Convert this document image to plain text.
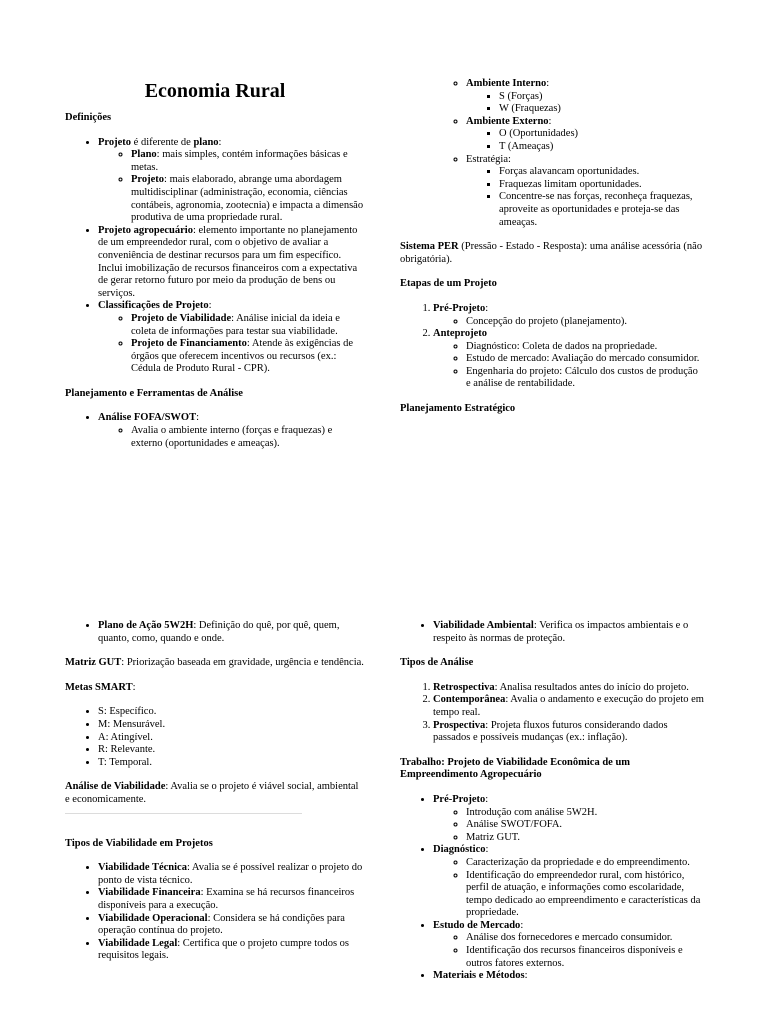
Economia Rural

Definições

• Projeto é diferente de plano:
◦ Plano: mais simples, contém informações básicas e metas.
◦ Projeto: mais elaborado, abrange uma abordagem multidisciplinar (administração, economia, ciências contábeis, agronomia, zootecnia) e impacta a dimensão produtiva de uma propriedade rural.
• Projeto agropecuário: elemento importante no planejamento de um empreendedor rural, com o objetivo de avaliar a conveniência de destinar recursos para um fim específico. Inclui imobilização de recursos financeiros com a expectativa de gerar retorno futuro por meio da produção de bens ou serviços.
• Classificações de Projeto:
◦ Projeto de Viabilidade: Análise inicial da ideia e coleta de informações para testar sua viabilidade.
◦ Projeto de Financiamento: Atende às exigências de órgãos que oferecem incentivos ou recursos (ex.: Cédula de Produto Rural - CPR).

Planejamento e Ferramentas de Análise

• Análise FOFA/SWOT:
◦ Avalia o ambiente interno (forças e fraquezas) e externo (oportunidades e ameaças).
◦ Ambiente Interno:
▪ S (Forças)
▪ W (Fraquezas)
◦ Ambiente Externo:
▪ O (Oportunidades)
▪ T (Ameaças)
◦ Estratégia:
▪ Forças alavancam oportunidades.
▪ Fraquezas limitam oportunidades.
▪ Concentre-se nas forças, reconheça fraquezas, aproveite as oportunidades e proteja-se das ameaças.

Sistema PER (Pressão - Estado - Resposta): uma análise acessória (não obrigatória).

Etapas de um Projeto

1. Pré-Projeto:
◦ Concepção do projeto (planejamento).
2. Anteprojeto
◦ Diagnóstico: Coleta de dados na propriedade.
◦ Estudo de mercado: Avaliação do mercado consumidor.
◦ Engenharia do projeto: Cálculo dos custos de produção e análise de rentabilidade.

Planejamento Estratégico

• Plano de Ação 5W2H: Definição do quê, por quê, quem, quanto, como, quando e onde.

Matriz GUT: Priorização baseada em gravidade, urgência e tendência.

Metas SMART:

• S: Específico.
• M: Mensurável.
• A: Atingível.
• R: Relevante.
• T: Temporal.

Análise de Viabilidade: Avalia se o projeto é viável social, ambiental e economicamente.

Tipos de Viabilidade em Projetos

• Viabilidade Técnica: Avalia se é possível realizar o projeto do ponto de vista técnico.
• Viabilidade Financeira: Examina se há recursos financeiros disponíveis para a execução.
• Viabilidade Operacional: Considera se há condições para operação contínua do projeto.
• Viabilidade Legal: Certifica que o projeto cumpre todos os requisitos legais.
• Viabilidade Ambiental: Verifica os impactos ambientais e o respeito às normas de proteção.

Tipos de Análise

1. Retrospectiva: Analisa resultados antes do início do projeto.
2. Contemporânea: Avalia o andamento e execução do projeto em tempo real.
3. Prospectiva: Projeta fluxos futuros considerando dados passados e possíveis mudanças (ex.: inflação).

Trabalho: Projeto de Viabilidade Econômica de um Empreendimento Agropecuário

• Pré-Projeto:
◦ Introdução com análise 5W2H.
◦ Análise SWOT/FOFA.
◦ Matriz GUT.
• Diagnóstico:
◦ Caracterização da propriedade e do empreendimento.
◦ Identificação do empreendedor rural, com histórico, perfil de atuação, e informações como escolaridade, tempo dedicado ao empreendimento e características da propriedade.
• Estudo de Mercado:
◦ Análise dos fornecedores e mercado consumidor.
◦ Identificação dos recursos financeiros disponíveis e outros fatores externos.
• Materiais e Métodos:
